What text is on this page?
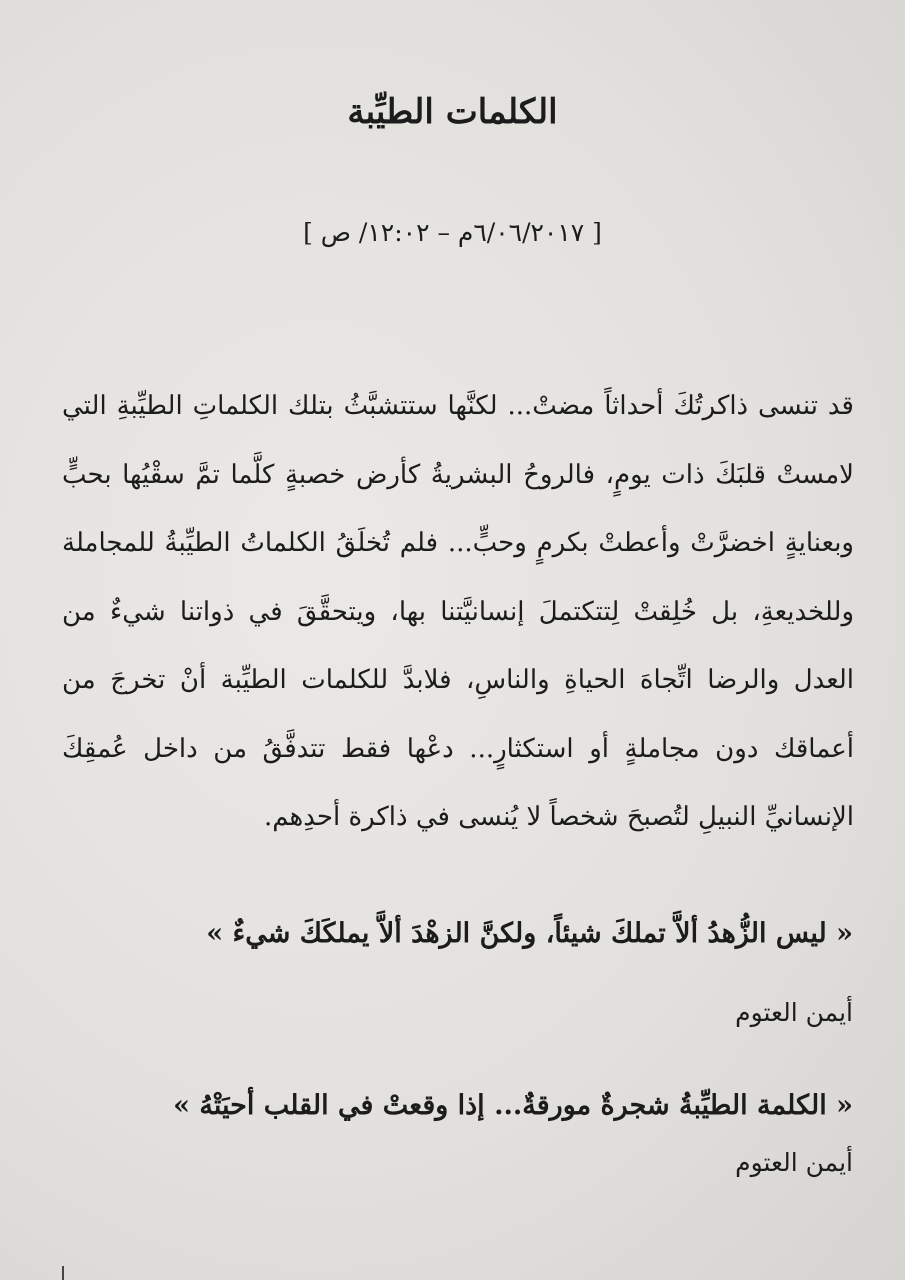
الكلمات الطيِّبة
[ ٦/٠٦/٢٠١٧م – ١٢:٠٢/ ص ]

قد تنسى ذاكرتُكَ أحداثاً مضتْ... لكنَّها ستتشبَّثُ بتلك الكلماتِ الطيِّبةِ التي لامستْ قلبَكَ ذات يومٍ، فالروحُ البشريةُ كأرض خصبةٍ كلَّما تمَّ سقْيُها بحبٍّ وبعنايةٍ اخضرَّتْ وأعطتْ بكرمٍ وحبٍّ... فلم تُخلَقُ الكلماتُ الطيِّبةُ للمجاملة وللخديعةِ، بل خُلِقتْ لِتتكتملَ إنسانيَّتنا بها، ويتحقَّقَ في ذواتنا شيءٌ من العدل والرضا اتِّجاهَ الحياةِ والناسِ، فلابدَّ للكلمات الطيِّبة أنْ تخرجَ من أعماقك دون مجاملةٍ أو استكثارٍ... دعْها فقط تتدفَّقُ من داخل عُمقِكَ الإنسانيِّ النبيلِ لتُصبحَ شخصاً لا يُنسى في ذاكرة أحدِهم.

« ليس الزُّهدُ ألاَّ تملكَ شيئاً، ولكنَّ الزهْدَ ألاَّ يملكَكَ شيءٌ »

أيمن العتوم

« الكلمة الطيِّبةُ شجرةٌ مورقةٌ... إذا وقعتْ في القلب أحيَتْهُ »

أيمن العتوم
